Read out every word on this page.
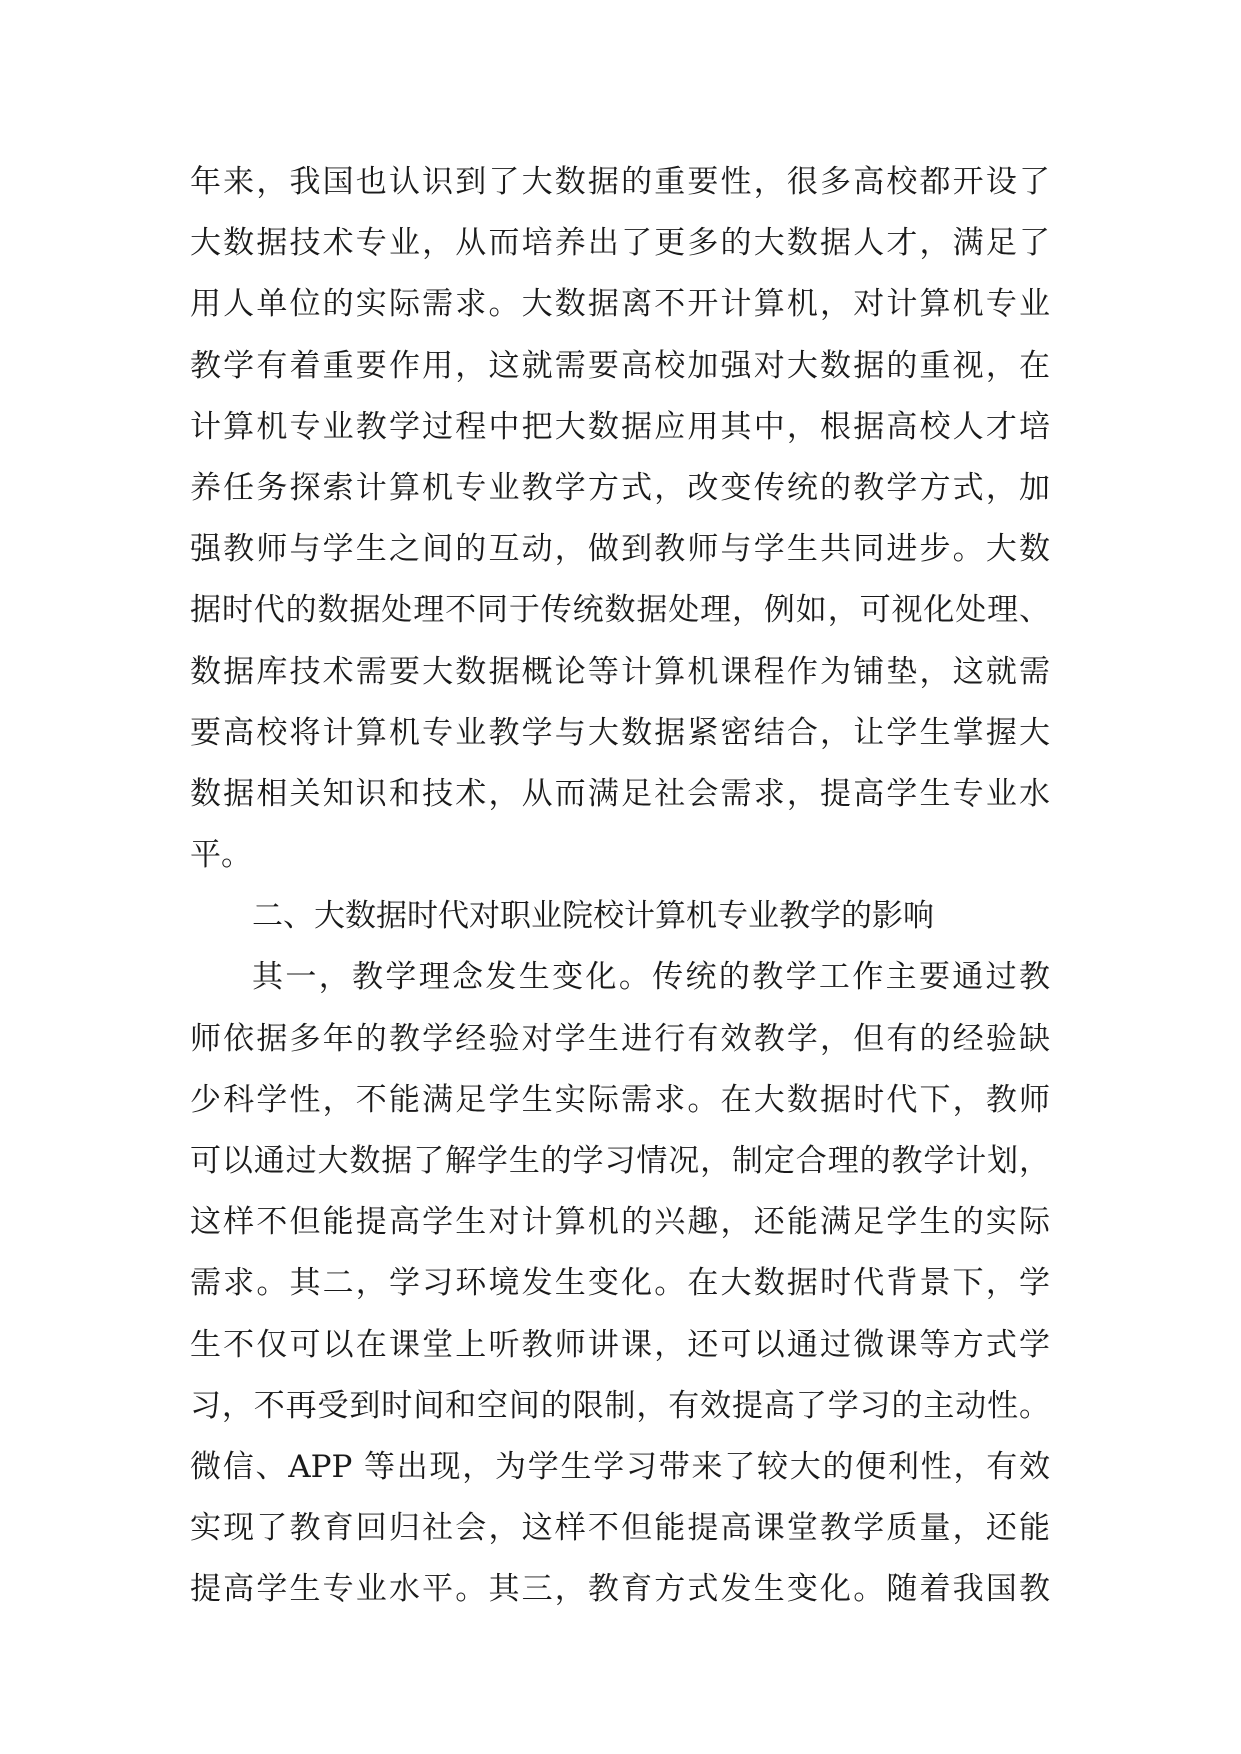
年来，我国也认识到了大数据的重要性，很多高校都开设了
大数据技术专业，从而培养出了更多的大数据人才，满足了
用人单位的实际需求。大数据离不开计算机，对计算机专业
教学有着重要作用，这就需要高校加强对大数据的重视，在
计算机专业教学过程中把大数据应用其中，根据高校人才培
养任务探索计算机专业教学方式，改变传统的教学方式，加
强教师与学生之间的互动，做到教师与学生共同进步。大数
据时代的数据处理不同于传统数据处理，例如，可视化处理、
数据库技术需要大数据概论等计算机课程作为铺垫，这就需
要高校将计算机专业教学与大数据紧密结合，让学生掌握大
数据相关知识和技术，从而满足社会需求，提高学生专业水
平。
二、大数据时代对职业院校计算机专业教学的影响
其一，教学理念发生变化。传统的教学工作主要通过教
师依据多年的教学经验对学生进行有效教学，但有的经验缺
少科学性，不能满足学生实际需求。在大数据时代下，教师
可以通过大数据了解学生的学习情况，制定合理的教学计划，
这样不但能提高学生对计算机的兴趣，还能满足学生的实际
需求。其二，学习环境发生变化。在大数据时代背景下，学
生不仅可以在课堂上听教师讲课，还可以通过微课等方式学
习，不再受到时间和空间的限制，有效提高了学习的主动性。
微信、APP 等出现，为学生学习带来了较大的便利性，有效
实现了教育回归社会，这样不但能提高课堂教学质量，还能
提高学生专业水平。其三，教育方式发生变化。随着我国教
